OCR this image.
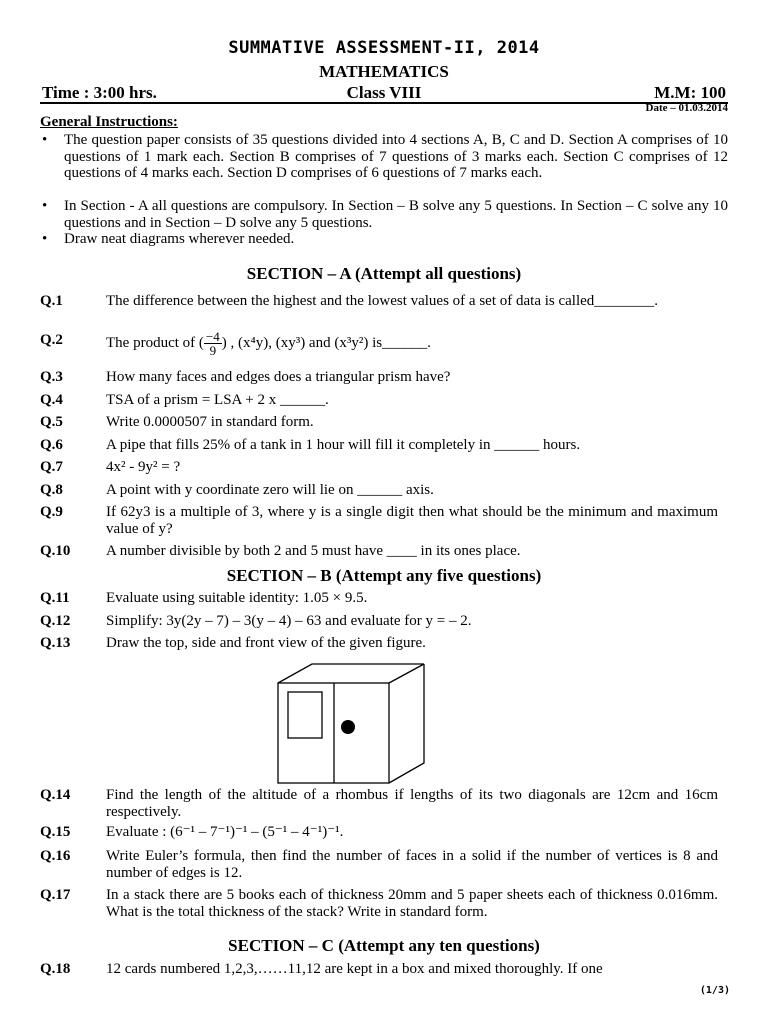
SUMMATIVE ASSESSMENT-II, 2014
MATHEMATICS
Time : 3:00 hrs.	Class VIII	M.M: 100
Date – 01.03.2014
General Instructions:
• The question paper consists of 35 questions divided into 4 sections A, B, C and D. Section A comprises of 10 questions of 1 mark each. Section B comprises of 7 questions of 3 marks each. Section C comprises of 12 questions of 4 marks each. Section D comprises of 6 questions of 7 marks each.
• In Section - A all questions are compulsory. In Section – B solve any 5 questions. In Section – C solve any 10 questions and in Section – D solve any 5 questions.
• Draw neat diagrams wherever needed.
SECTION – A (Attempt all questions)
Q.1	The difference between the highest and the lowest values of a set of data is called________.
Q.2	The product of ( $\frac{-4}{9}$ ) , (x⁴y), (xy³) and (x³y²) is______.
Q.3	How many faces and edges does a triangular prism have?
Q.4	TSA of a prism = LSA + 2 x ______.
Q.5	Write 0.0000507 in standard form.
Q.6	A pipe that fills 25% of a tank in 1 hour will fill it completely in ______ hours.
Q.7	4x² - 9y² = ?
Q.8	A point with y coordinate zero will lie on ______ axis.
Q.9	If 62y3 is a multiple of 3, where y is a single digit then what should be the minimum and maximum value of y?
Q.10	A number divisible by both 2 and 5 must have ____ in its ones place.
SECTION – B (Attempt any five questions)
Q.11	Evaluate using suitable identity: 1.05 × 9.5.
Q.12	Simplify: 3y(2y – 7) – 3(y – 4) – 63 and evaluate for y = – 2.
Q.13	Draw the top, side and front view of the given figure.
Q.14	Find the length of the altitude of a rhombus if lengths of its two diagonals are 12cm and 16cm respectively.
Q.15	Evaluate : (6⁻¹ – 7⁻¹)⁻¹ – (5⁻¹ – 4⁻¹)⁻¹.
Q.16	Write Euler’s formula, then find the number of faces in a solid if the number of vertices is 8 and number of edges is 12.
Q.17	In a stack there are 5 books each of thickness 20mm and 5 paper sheets each of thickness 0.016mm. What is the total thickness of the stack? Write in standard form.
SECTION – C (Attempt any ten questions)
Q.18	12 cards numbered 1,2,3,……11,12 are kept in a box and mixed thoroughly. If one
(1/3)
